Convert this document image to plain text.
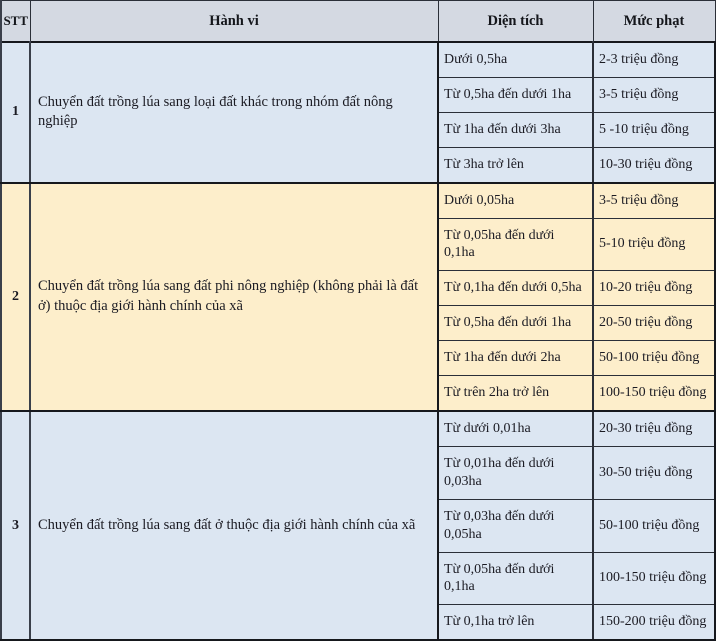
STT	Hành vi	Diện tích	Mức phạt
1	Chuyển đất trồng lúa sang loại đất khác trong nhóm đất nông nghiệp	Dưới 0,5ha	2-3 triệu đồng
		Từ 0,5ha đến dưới 1ha	3-5 triệu đồng
		Từ 1ha đến dưới 3ha	5 -10 triệu đồng
		Từ 3ha trở lên	10-30 triệu đồng
2	Chuyển đất trồng lúa sang đất phi nông nghiệp (không phải là đất ở) thuộc địa giới hành chính của xã	Dưới 0,05ha	3-5 triệu đồng
		Từ 0,05ha đến dưới 0,1ha	5-10 triệu đồng
		Từ 0,1ha đến dưới 0,5ha	10-20 triệu đồng
		Từ 0,5ha đến dưới 1ha	20-50 triệu đồng
		Từ 1ha đến dưới 2ha	50-100 triệu đồng
		Từ trên 2ha trở lên	100-150 triệu đồng
3	Chuyển đất trồng lúa sang đất ở thuộc địa giới hành chính của xã	Từ dưới 0,01ha	20-30 triệu đồng
		Từ 0,01ha đến dưới 0,03ha	30-50 triệu đồng
		Từ 0,03ha đến dưới 0,05ha	50-100 triệu đồng
		Từ 0,05ha đến dưới 0,1ha	100-150 triệu đồng
		Từ 0,1ha trở lên	150-200 triệu đồng
